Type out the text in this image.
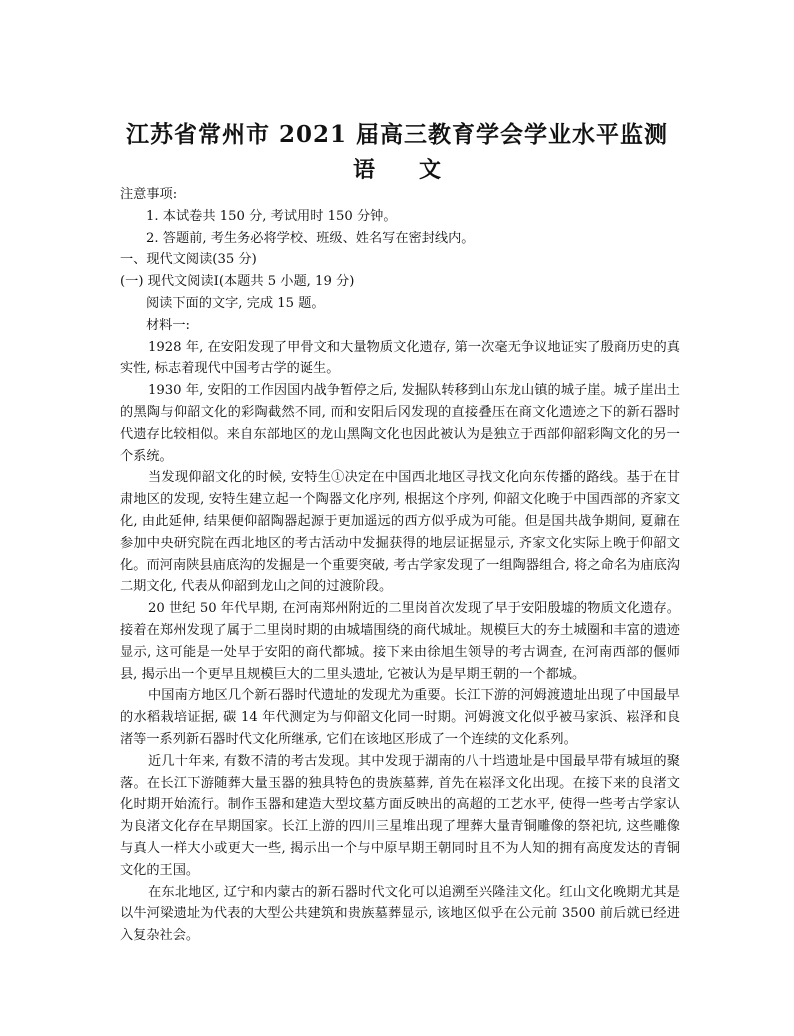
江苏省常州市 2021 届高三教育学会学业水平监测
语 文

注意事项:

1. 本试卷共 150 分, 考试用时 150 分钟。

2. 答题前, 考生务必将学校、班级、姓名写在密封线内。

一、现代文阅读(35 分)

(一) 现代文阅读Ⅰ(本题共 5 小题, 19 分)

阅读下面的文字, 完成 15 题。

材料一:

1928 年, 在安阳发现了甲骨文和大量物质文化遗存, 第一次毫无争议地证实了殷商历史的真实性, 标志着现代中国考古学的诞生。

1930 年, 安阳的工作因国内战争暂停之后, 发掘队转移到山东龙山镇的城子崖。城子崖出土的黑陶与仰韶文化的彩陶截然不同, 而和安阳后冈发现的直接叠压在商文化遗迹之下的新石器时代遗存比较相似。来自东部地区的龙山黑陶文化也因此被认为是独立于西部仰韶彩陶文化的另一个系统。

当发现仰韶文化的时候, 安特生①决定在中国西北地区寻找文化向东传播的路线。基于在甘肃地区的发现, 安特生建立起一个陶器文化序列, 根据这个序列, 仰韶文化晚于中国西部的齐家文化, 由此延伸, 结果便仰韶陶器起源于更加遥远的西方似乎成为可能。但是国共战争期间, 夏鼐在参加中央研究院在西北地区的考古活动中发掘获得的地层证据显示, 齐家文化实际上晚于仰韶文化。而河南陕县庙底沟的发掘是一个重要突破, 考古学家发现了一组陶器组合, 将之命名为庙底沟二期文化, 代表从仰韶到龙山之间的过渡阶段。

20 世纪 50 年代早期, 在河南郑州附近的二里岗首次发现了早于安阳殷墟的物质文化遗存。接着在郑州发现了属于二里岗时期的由城墙围绕的商代城址。规模巨大的夯土城圈和丰富的遗迹显示, 这可能是一处早于安阳的商代都城。接下来由徐旭生领导的考古调查, 在河南西部的偃师县, 揭示出一个更早且规模巨大的二里头遗址, 它被认为是早期王朝的一个都城。

中国南方地区几个新石器时代遗址的发现尤为重要。长江下游的河姆渡遗址出现了中国最早的水稻栽培证据, 碳 14 年代测定为与仰韶文化同一时期。河姆渡文化似乎被马家浜、崧泽和良渚等一系列新石器时代文化所继承, 它们在该地区形成了一个连续的文化系列。

近几十年来, 有数不清的考古发现。其中发现于湖南的八十垱遗址是中国最早带有城垣的聚落。在长江下游随葬大量玉器的独具特色的贵族墓葬, 首先在崧泽文化出现。在接下来的良渚文化时期开始流行。制作玉器和建造大型坟墓方面反映出的高超的工艺水平, 使得一些考古学家认为良渚文化存在早期国家。长江上游的四川三星堆出现了埋葬大量青铜雕像的祭祀坑, 这些雕像与真人一样大小或更大一些, 揭示出一个与中原早期王朝同时且不为人知的拥有高度发达的青铜文化的王国。

在东北地区, 辽宁和内蒙古的新石器时代文化可以追溯至兴隆洼文化。红山文化晚期尤其是以牛河梁遗址为代表的大型公共建筑和贵族墓葬显示, 该地区似乎在公元前 3500 前后就已经进入复杂社会。
